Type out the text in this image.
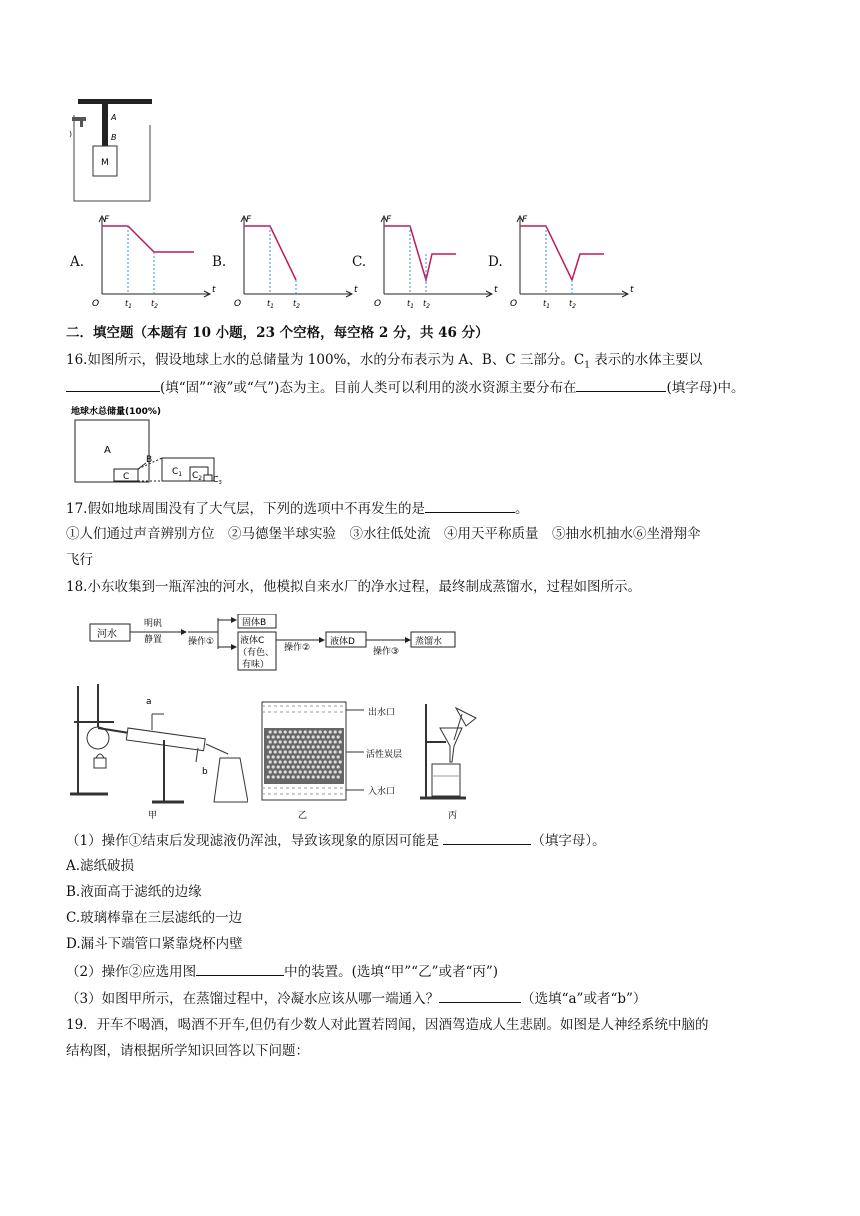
M
A
B
A.
F
t
O	$t_1$ $t_2$
B.
F
t
O	$t_1$ $t_2$
C.
F
t
O	$t_1$ $t_2$
D.
F
t
O	$t_1$ $t_2$
二．填空题（本题有 10 小题，23 个空格，每空格 2 分，共 46 分）
16.如图所示，假设地球上水的总储量为 100%，水的分布表示为 A、B、C 三部分。$C_1$ 表示的水体主要以
(填“固”“液”或“气”)态为主。目前人类可以利用的淡水资源主要分布在	(填字母)中。
地球水总储量(100%)
A
C
B
$C_1$ $C_2$ $C_3$
17.假如地球周围没有了大气层，下列的选项中不再发生的是	。
①人们通过声音辨别方位　②马德堡半球实验　③水往低处流　④用天平称质量　⑤抽水机抽水⑥坐滑翔伞
飞行
18.小东收集到一瓶浑浊的河水，他模拟自来水厂的净水过程，最终制成蒸馏水，过程如图所示。
河水
明矾
静置	操作①
固体B
液体C
（有色、
有味）
操作②
液体D
操作③
蒸馏水
a
b
甲
出水口
活性炭层
入水口
乙	丙
（1）操作①结束后发现滤液仍浑浊，导致该现象的原因可能是	（填字母）。
A.滤纸破损
B.液面高于滤纸的边缘
C.玻璃棒靠在三层滤纸的一边
D.漏斗下端管口紧靠烧杯内壁
（2）操作②应选用图	中的装置。(选填“甲”“乙”或者“丙”)
（3）如图甲所示，在蒸馏过程中，冷凝水应该从哪一端通入？	（选填“a”或者“b”）
19．开车不喝酒，喝酒不开车,但仍有少数人对此置若罔闻，因酒驾造成人生悲剧。如图是人神经系统中脑的
结构图，请根据所学知识回答以下问题：
